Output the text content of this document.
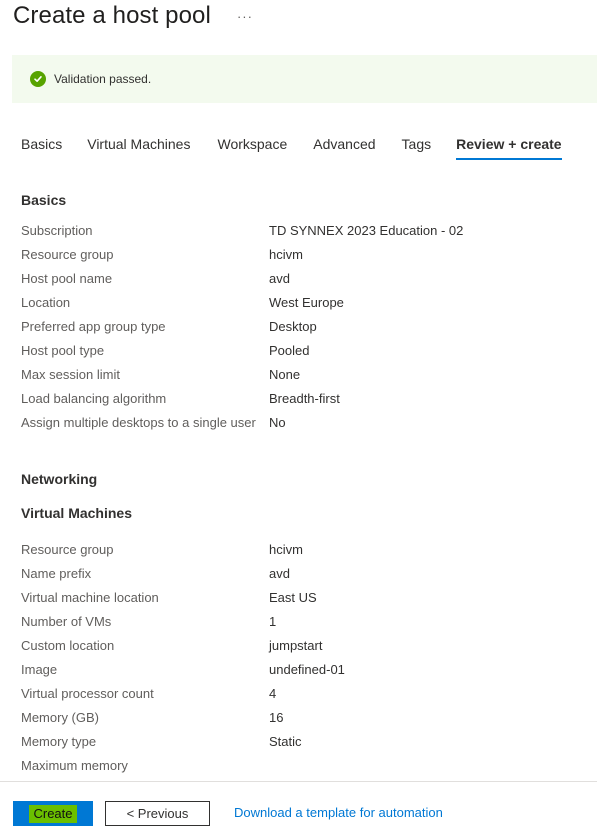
Create a host pool ···
Validation passed.
Basics Virtual Machines Workspace Advanced Tags Review + create
Basics
Subscription	TD SYNNEX 2023 Education - 02
Resource group	hcivm
Host pool name	avd
Location	West Europe
Preferred app group type	Desktop
Host pool type	Pooled
Max session limit	None
Load balancing algorithm	Breadth-first
Assign multiple desktops to a single user No
Networking
Virtual Machines
Resource group	hcivm
Name prefix	avd
Virtual machine location	East US
Number of VMs	1
Custom location	jumpstart
Image	undefined-01
Virtual processor count	4
Memory (GB)	16
Memory type	Static
Maximum memory
Create	< Previous	Download a template for automation
